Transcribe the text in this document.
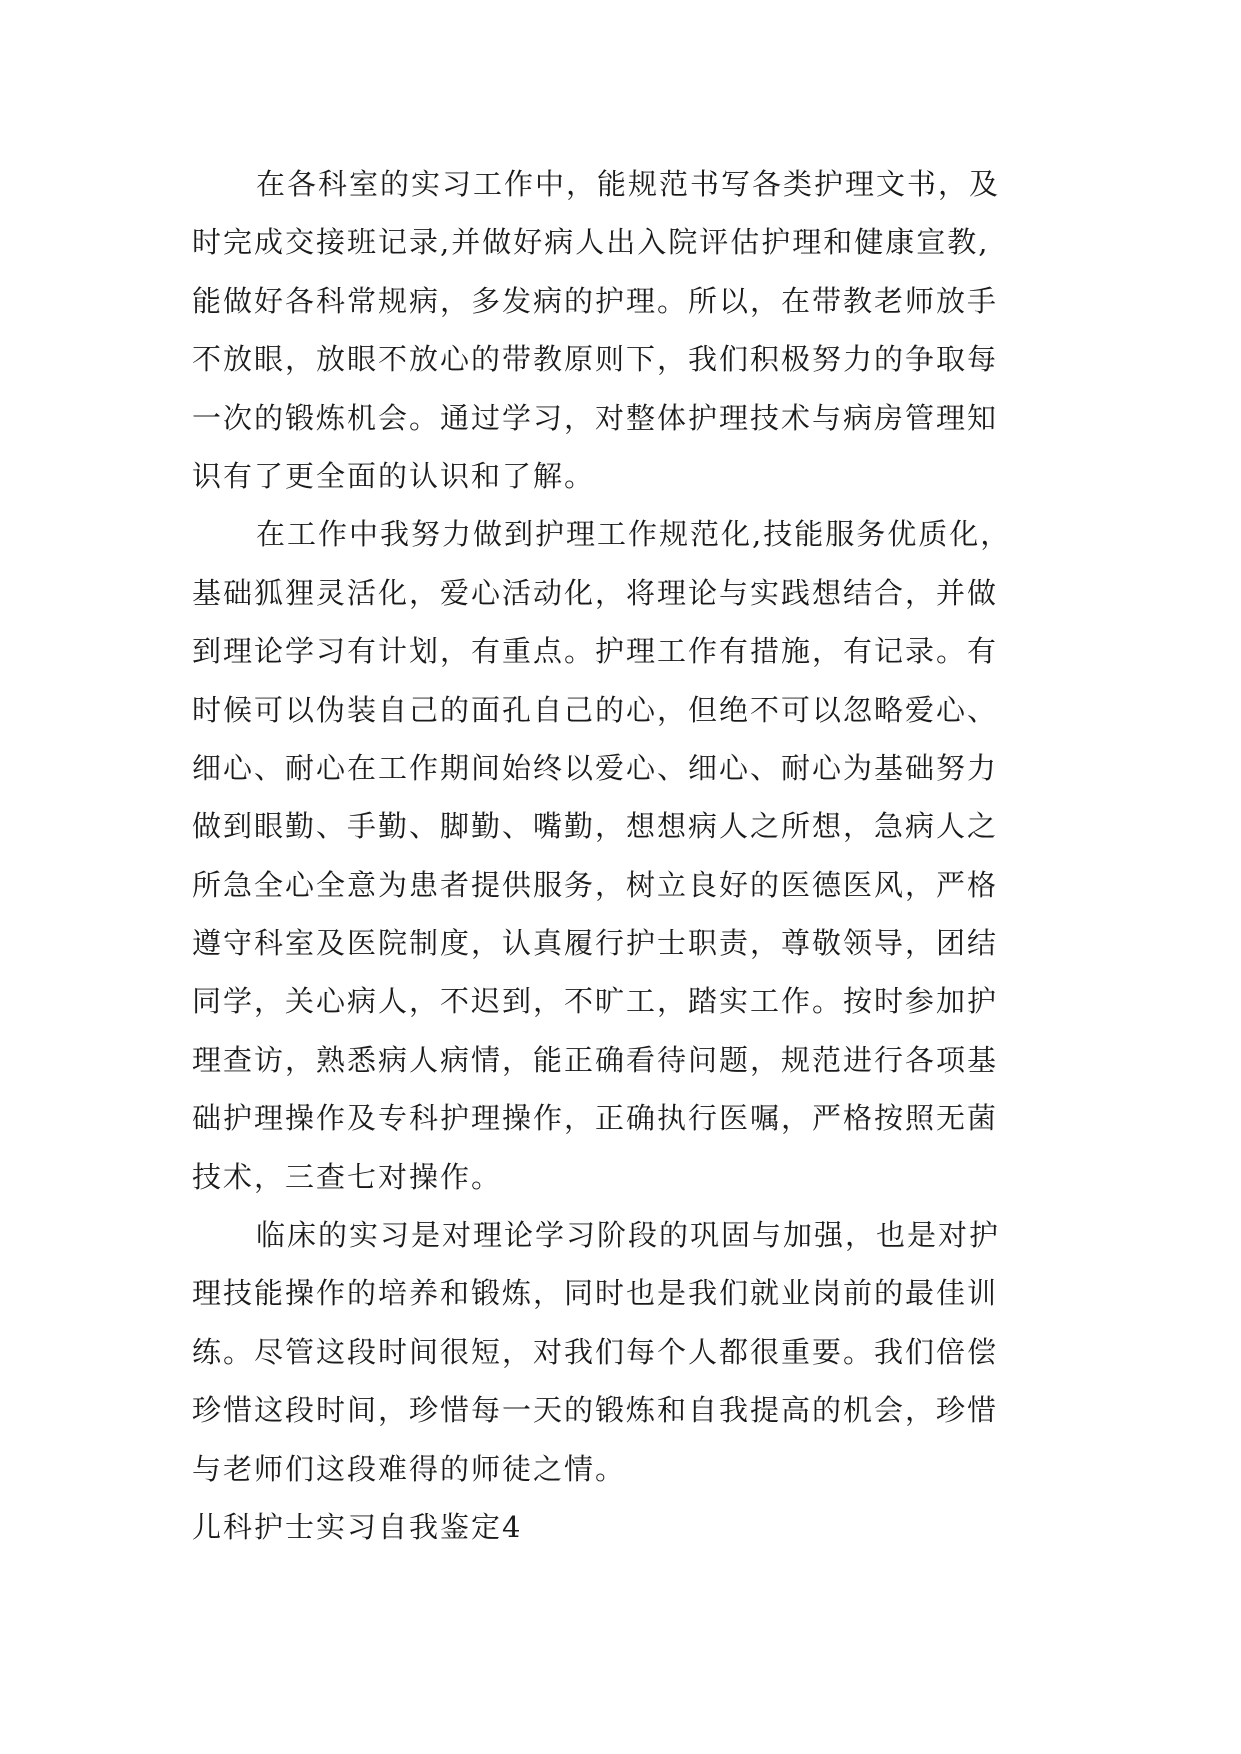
在各科室的实习工作中，能规范书写各类护理文书，及
时完成交接班记录,并做好病人出入院评估护理和健康宣教,
能做好各科常规病，多发病的护理。所以，在带教老师放手
不放眼，放眼不放心的带教原则下，我们积极努力的争取每
一次的锻炼机会。通过学习，对整体护理技术与病房管理知
识有了更全面的认识和了解。
在工作中我努力做到护理工作规范化,技能服务优质化，
基础狐狸灵活化，爱心活动化，将理论与实践想结合，并做
到理论学习有计划，有重点。护理工作有措施，有记录。有
时候可以伪装自己的面孔自己的心，但绝不可以忽略爱心、
细心、耐心在工作期间始终以爱心、细心、耐心为基础努力
做到眼勤、手勤、脚勤、嘴勤，想想病人之所想，急病人之
所急全心全意为患者提供服务，树立良好的医德医风，严格
遵守科室及医院制度，认真履行护士职责，尊敬领导，团结
同学，关心病人，不迟到，不旷工，踏实工作。按时参加护
理查访，熟悉病人病情，能正确看待问题，规范进行各项基
础护理操作及专科护理操作，正确执行医嘱，严格按照无菌
技术，三查七对操作。
临床的实习是对理论学习阶段的巩固与加强，也是对护
理技能操作的培养和锻炼，同时也是我们就业岗前的最佳训
练。尽管这段时间很短，对我们每个人都很重要。我们倍偿
珍惜这段时间，珍惜每一天的锻炼和自我提高的机会，珍惜
与老师们这段难得的师徒之情。
儿科护士实习自我鉴定4
